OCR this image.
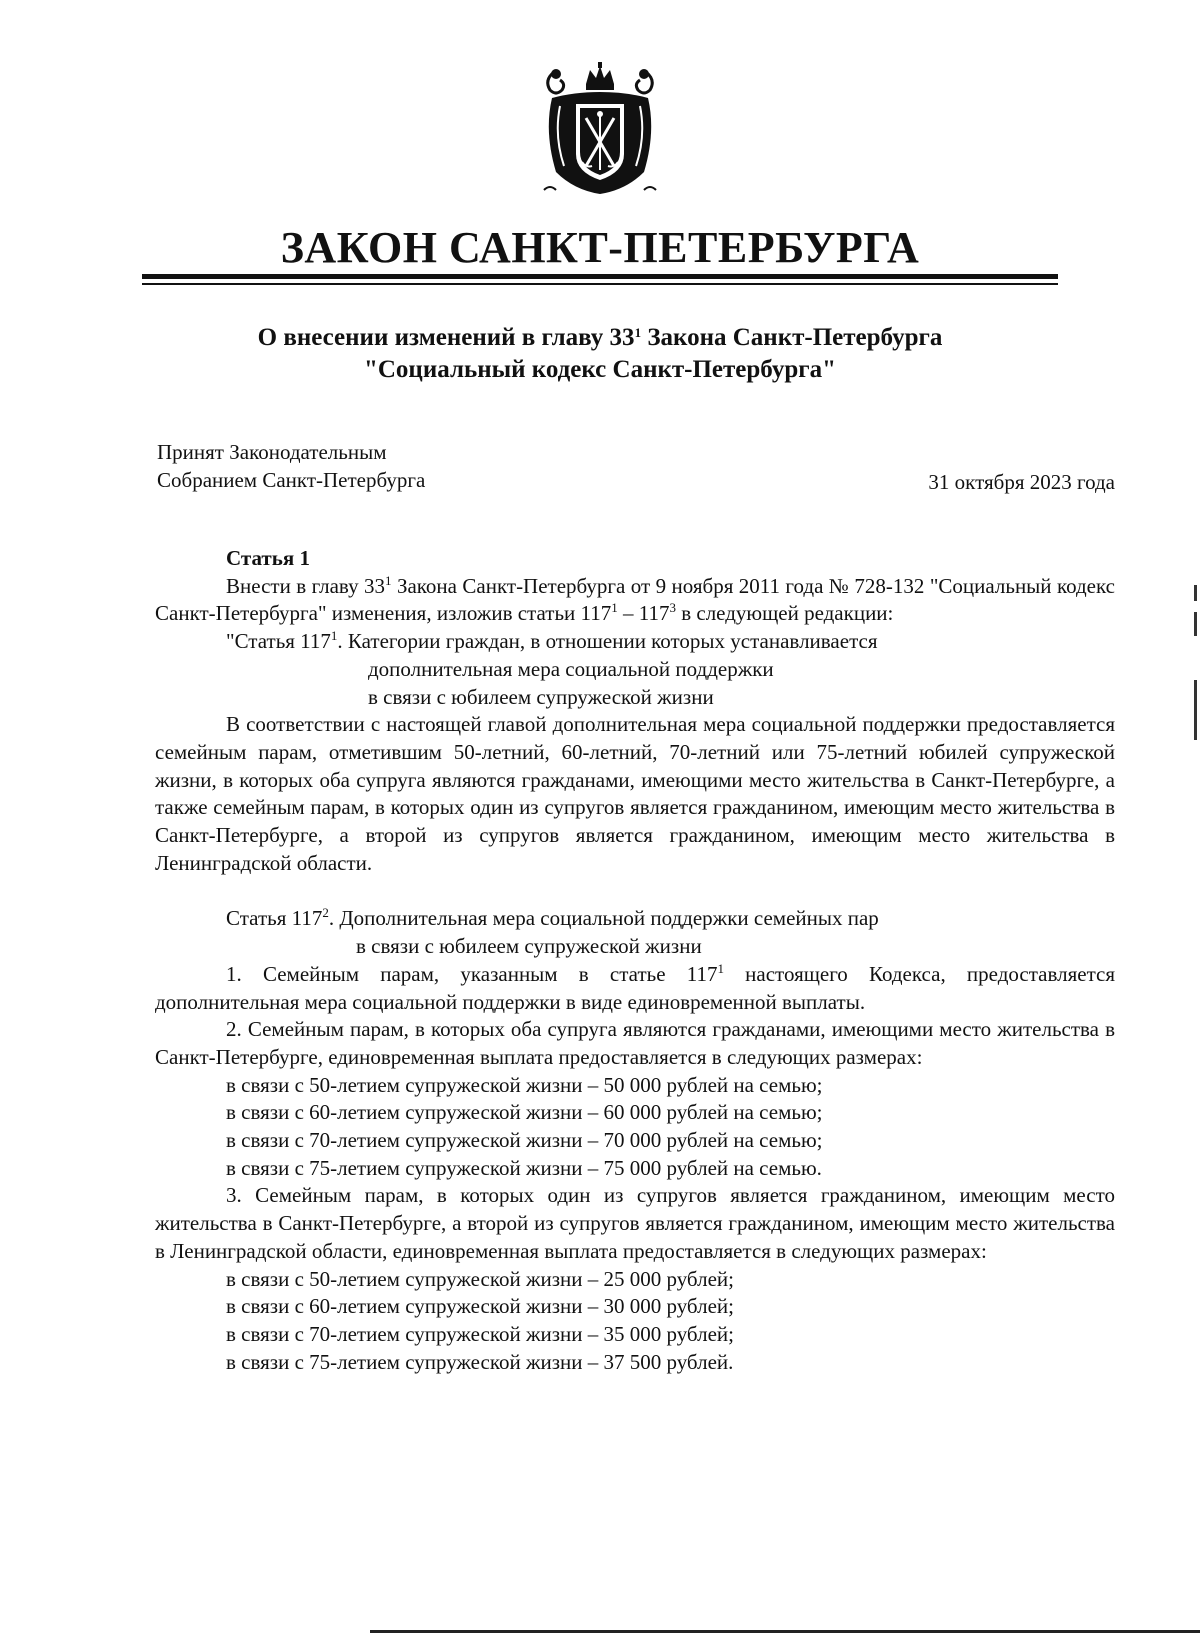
ЗАКОН САНКТ-ПЕТЕРБУРГА
О внесении изменений в главу $33^1$ Закона Санкт-Петербурга
"Социальный кодекс Санкт-Петербурга"
Принят Законодательным
Собранием Санкт-Петербурга	31 октября 2023 года

Статья 1

Внести в главу $33^1$ Закона Санкт-Петербурга от 9 ноября 2011 года № 728-132 "Социальный кодекс Санкт-Петербурга" изменения, изложив статьи $117^1 - 117^3$ в следующей редакции:

"Статья $117^1$. Категории граждан, в отношении которых устанавливается
дополнительная мера социальной поддержки
в связи с юбилеем супружеской жизни

В соответствии с настоящей главой дополнительная мера социальной поддержки предоставляется семейным парам, отметившим 50-летний, 60-летний, 70-летний или 75-летний юбилей супружеской жизни, в которых оба супруга являются гражданами, имеющими место жительства в Санкт-Петербурге, а также семейным парам, в которых один из супругов является гражданином, имеющим место жительства в Санкт-Петербурге, а второй из супругов является гражданином, имеющим место жительства в Ленинградской области.

Статья $117^2$. Дополнительная мера социальной поддержки семейных пар
в связи с юбилеем супружеской жизни

1. Семейным парам, указанным в статье $117^1$ настоящего Кодекса, предоставляется дополнительная мера социальной поддержки в виде единовременной выплаты.

2. Семейным парам, в которых оба супруга являются гражданами, имеющими место жительства в Санкт-Петербурге, единовременная выплата предоставляется в следующих размерах:

в связи с 50-летием супружеской жизни – 50 000 рублей на семью;

в связи с 60-летием супружеской жизни – 60 000 рублей на семью;

в связи с 70-летием супружеской жизни – 70 000 рублей на семью;

в связи с 75-летием супружеской жизни – 75 000 рублей на семью.

3. Семейным парам, в которых один из супругов является гражданином, имеющим место жительства в Санкт-Петербурге, а второй из супругов является гражданином, имеющим место жительства в Ленинградской области, единовременная выплата предоставляется в следующих размерах:

в связи с 50-летием супружеской жизни – 25 000 рублей;

в связи с 60-летием супружеской жизни – 30 000 рублей;

в связи с 70-летием супружеской жизни – 35 000 рублей;

в связи с 75-летием супружеской жизни – 37 500 рублей.
